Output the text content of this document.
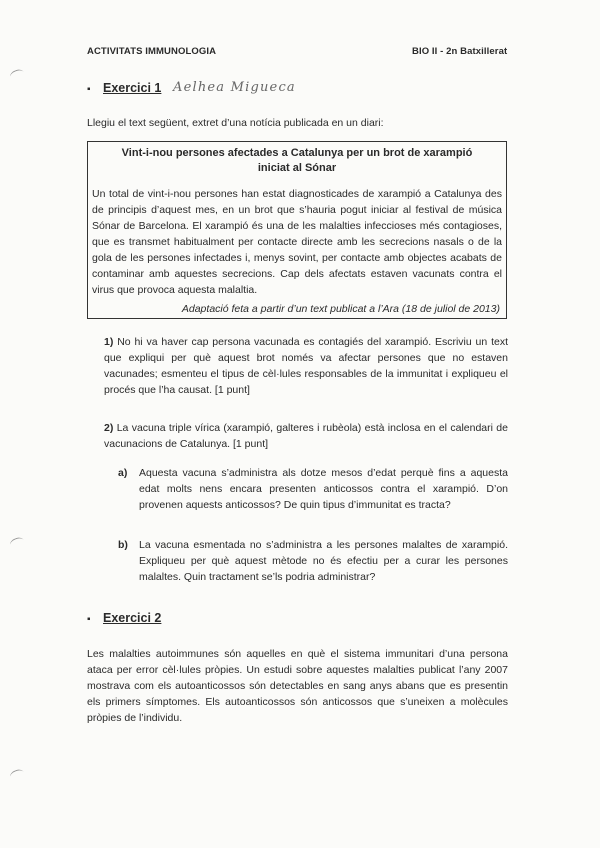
ACTIVITATS IMMUNOLOGIA	BIO II - 2n Batxillerat
▪ Exercici 1 Aelhea Migueca
Llegiu el text següent, extret d’una notícia publicada en un diari:
Vint-i-nou persones afectades a Catalunya per un brot de xarampió
iniciat al Sónar
Un total de vint-i-nou persones han estat diagnosticades de xarampió a Catalunya des de principis d’aquest mes, en un brot que s’hauria pogut iniciar al festival de música Sónar de Barcelona. El xarampió és una de les malalties infeccioses més contagioses, que es transmet habitualment per contacte directe amb les secrecions nasals o de la gola de les persones infectades i, menys sovint, per contacte amb objectes acabats de contaminar amb aquestes secrecions. Cap dels afectats estaven vacunats contra el virus que provoca aquesta malaltia.
Adaptació feta a partir d’un text publicat a l’Ara (18 de juliol de 2013)
1) No hi va haver cap persona vacunada es contagiés del xarampió. Escriviu un text que expliqui per què aquest brot només va afectar persones que no estaven vacunades; esmenteu el tipus de cèl·lules responsables de la immunitat i expliqueu el procés que l’ha causat. [1 punt]
2) La vacuna triple vírica (xarampió, galteres i rubèola) està inclosa en el calendari de vacunacions de Catalunya. [1 punt]
a) Aquesta vacuna s’administra als dotze mesos d’edat perquè fins a aquesta edat molts nens encara presenten anticossos contra el xarampió. D’on provenen aquests anticossos? De quin tipus d’immunitat es tracta?
b) La vacuna esmentada no s’administra a les persones malaltes de xarampió. Expliqueu per què aquest mètode no és efectiu per a curar les persones malaltes. Quin tractament se’ls podria administrar?
▪ Exercici 2
Les malalties autoimmunes són aquelles en què el sistema immunitari d’una persona ataca per error cèl·lules pròpies. Un estudi sobre aquestes malalties publicat l’any 2007 mostrava com els autoanticossos són detectables en sang anys abans que es presentin els primers símptomes. Els autoanticossos són anticossos que s’uneixen a molècules pròpies de l’individu.
